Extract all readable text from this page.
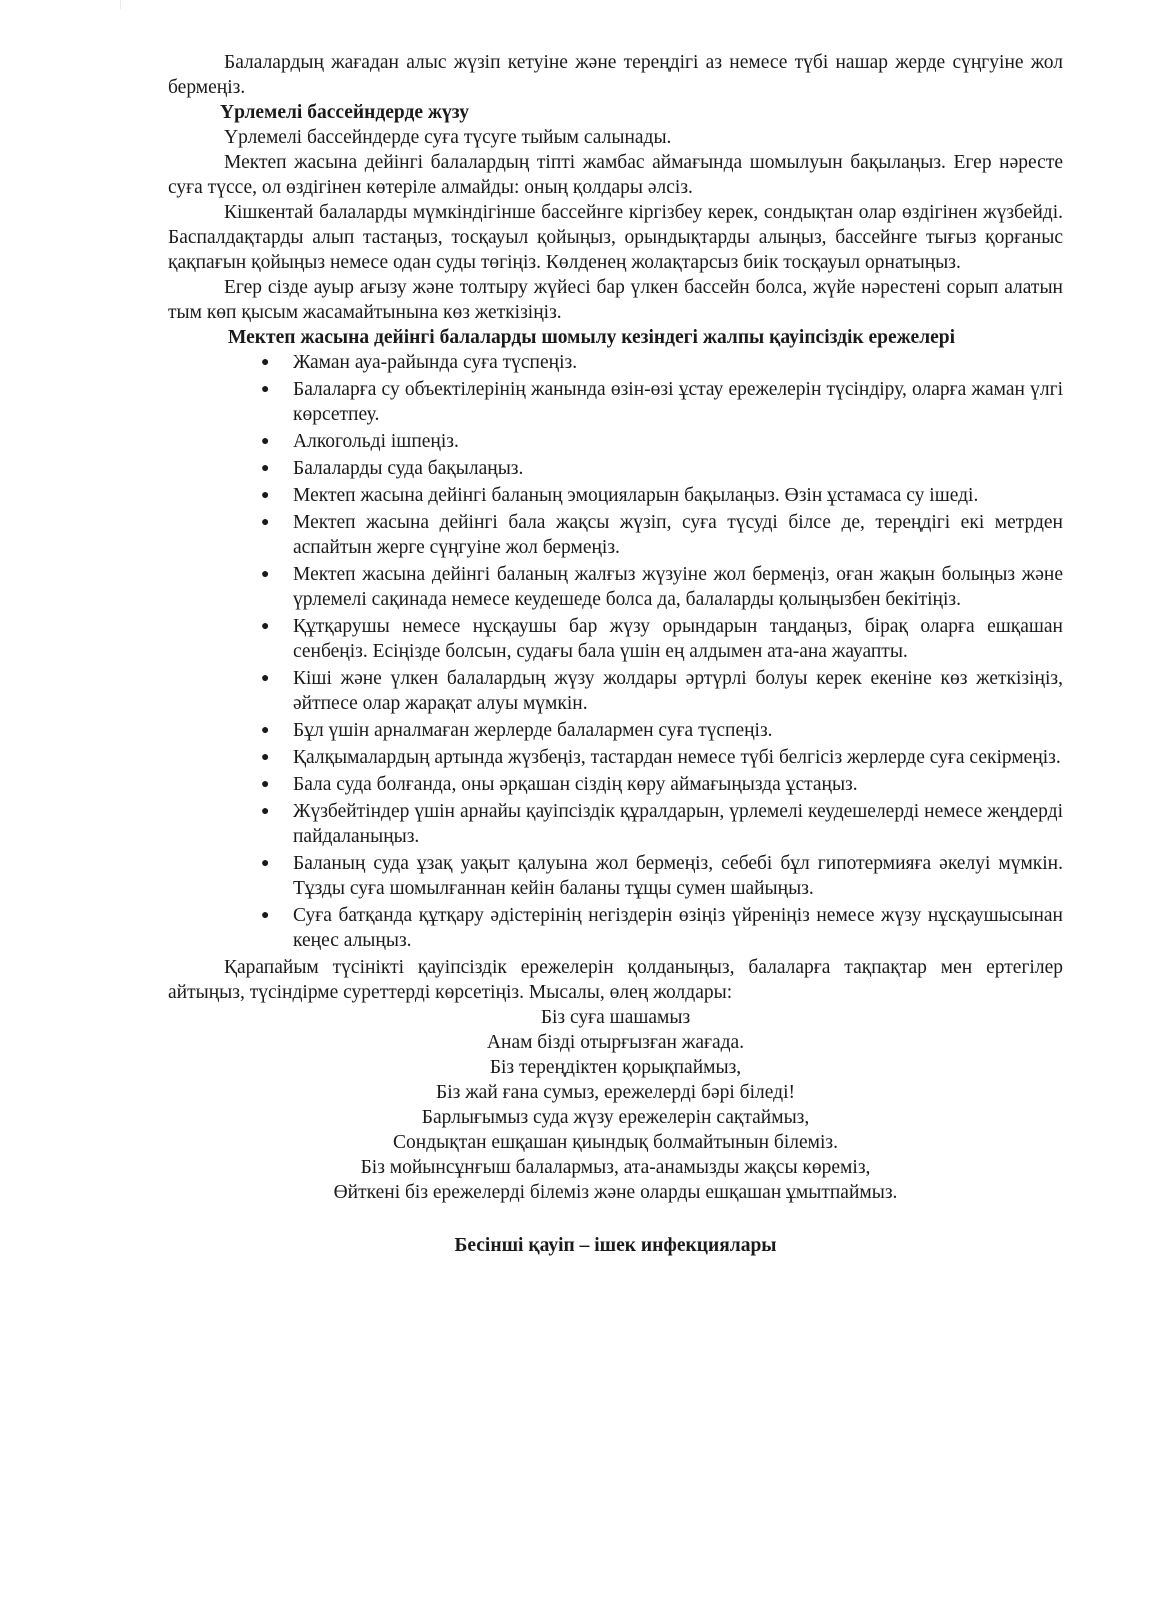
Балалардың жағадан алыс жүзіп кетуіне және тереңдігі аз немесе түбі нашар жерде сүңгуіне жол бермеңіз.

Үрлемелі бассейндерде жүзу

Үрлемелі бассейндерде суға түсуге тыйым салынады.

Мектеп жасына дейінгі балалардың тіпті жамбас аймағында шомылуын бақылаңыз. Егер нәресте суға түссе, ол өздігінен көтеріле алмайды: оның қолдары әлсіз.

Кішкентай балаларды мүмкіндігінше бассейнге кіргізбеу керек, сондықтан олар өздігінен жүзбейді. Баспалдақтарды алып тастаңыз, тосқауыл қойыңыз, орындықтарды алыңыз, бассейнге тығыз қорғаныс қақпағын қойыңыз немесе одан суды төгіңіз. Көлденең жолақтарсыз биік тосқауыл орнатыңыз.

Егер сізде ауыр ағызу және толтыру жүйесі бар үлкен бассейн болса, жүйе нәрестені сорып алатын тым көп қысым жасамайтынына көз жеткізіңіз.

Мектеп жасына дейінгі балаларды шомылу кезіндегі жалпы қауіпсіздік ережелері
● Жаман ауа-райында суға түспеңіз.
● Балаларға су объектілерінің жанында өзін-өзі ұстау ережелерін түсіндіру, оларға жаман үлгі көрсетпеу.
● Алкогольді ішпеңіз.
● Балаларды суда бақылаңыз.
● Мектеп жасына дейінгі баланың эмоцияларын бақылаңыз. Өзін ұстамаса су ішеді.
● Мектеп жасына дейінгі бала жақсы жүзіп, суға түсуді білсе де, тереңдігі екі метрден аспайтын жерге сүңгуіне жол бермеңіз.
● Мектеп жасына дейінгі баланың жалғыз жүзуіне жол бермеңіз, оған жақын болыңыз және үрлемелі сақинада немесе кеудешеде болса да, балаларды қолыңызбен бекітіңіз.
● Құтқарушы немесе нұсқаушы бар жүзу орындарын таңдаңыз, бірақ оларға ешқашан сенбеңіз. Есіңізде болсын, судағы бала үшін ең алдымен ата-ана жауапты.
● Кіші және үлкен балалардың жүзу жолдары әртүрлі болуы керек екеніне көз жеткізіңіз, әйтпесе олар жарақат алуы мүмкін.
● Бұл үшін арналмаған жерлерде балалармен суға түспеңіз.
● Қалқымалардың артында жүзбеңіз, тастардан немесе түбі белгісіз жерлерде суға секірмеңіз.
● Бала суда болғанда, оны әрқашан сіздің көру аймағыңызда ұстаңыз.
● Жүзбейтіндер үшін арнайы қауіпсіздік құралдарын, үрлемелі кеудешелерді немесе жеңдерді пайдаланыңыз.
● Баланың суда ұзақ уақыт қалуына жол бермеңіз, себебі бұл гипотермияға әкелуі мүмкін. Тұзды суға шомылғаннан кейін баланы тұщы сумен шайыңыз.
● Суға батқанда құтқару әдістерінің негіздерін өзіңіз үйреніңіз немесе жүзу нұсқаушысынан кеңес алыңыз.

Қарапайым түсінікті қауіпсіздік ережелерін қолданыңыз, балаларға тақпақтар мен ертегілер айтыңыз, түсіндірме суреттерді көрсетіңіз. Мысалы, өлең жолдары:

Біз суға шашамыз
Анам бізді отырғызған жағада.
Біз тереңдіктен қорықпаймыз,
Біз жай ғана сумыз, ережелерді бәрі біледі!
Барлығымыз суда жүзу ережелерін сақтаймыз,
Сондықтан ешқашан қиындық болмайтынын білеміз.
Біз мойынсұнғыш балалармыз, ата-анамызды жақсы көреміз,
Өйткені біз ережелерді білеміз және оларды ешқашан ұмытпаймыз.
Бесінші қауіп – ішек инфекциялары
